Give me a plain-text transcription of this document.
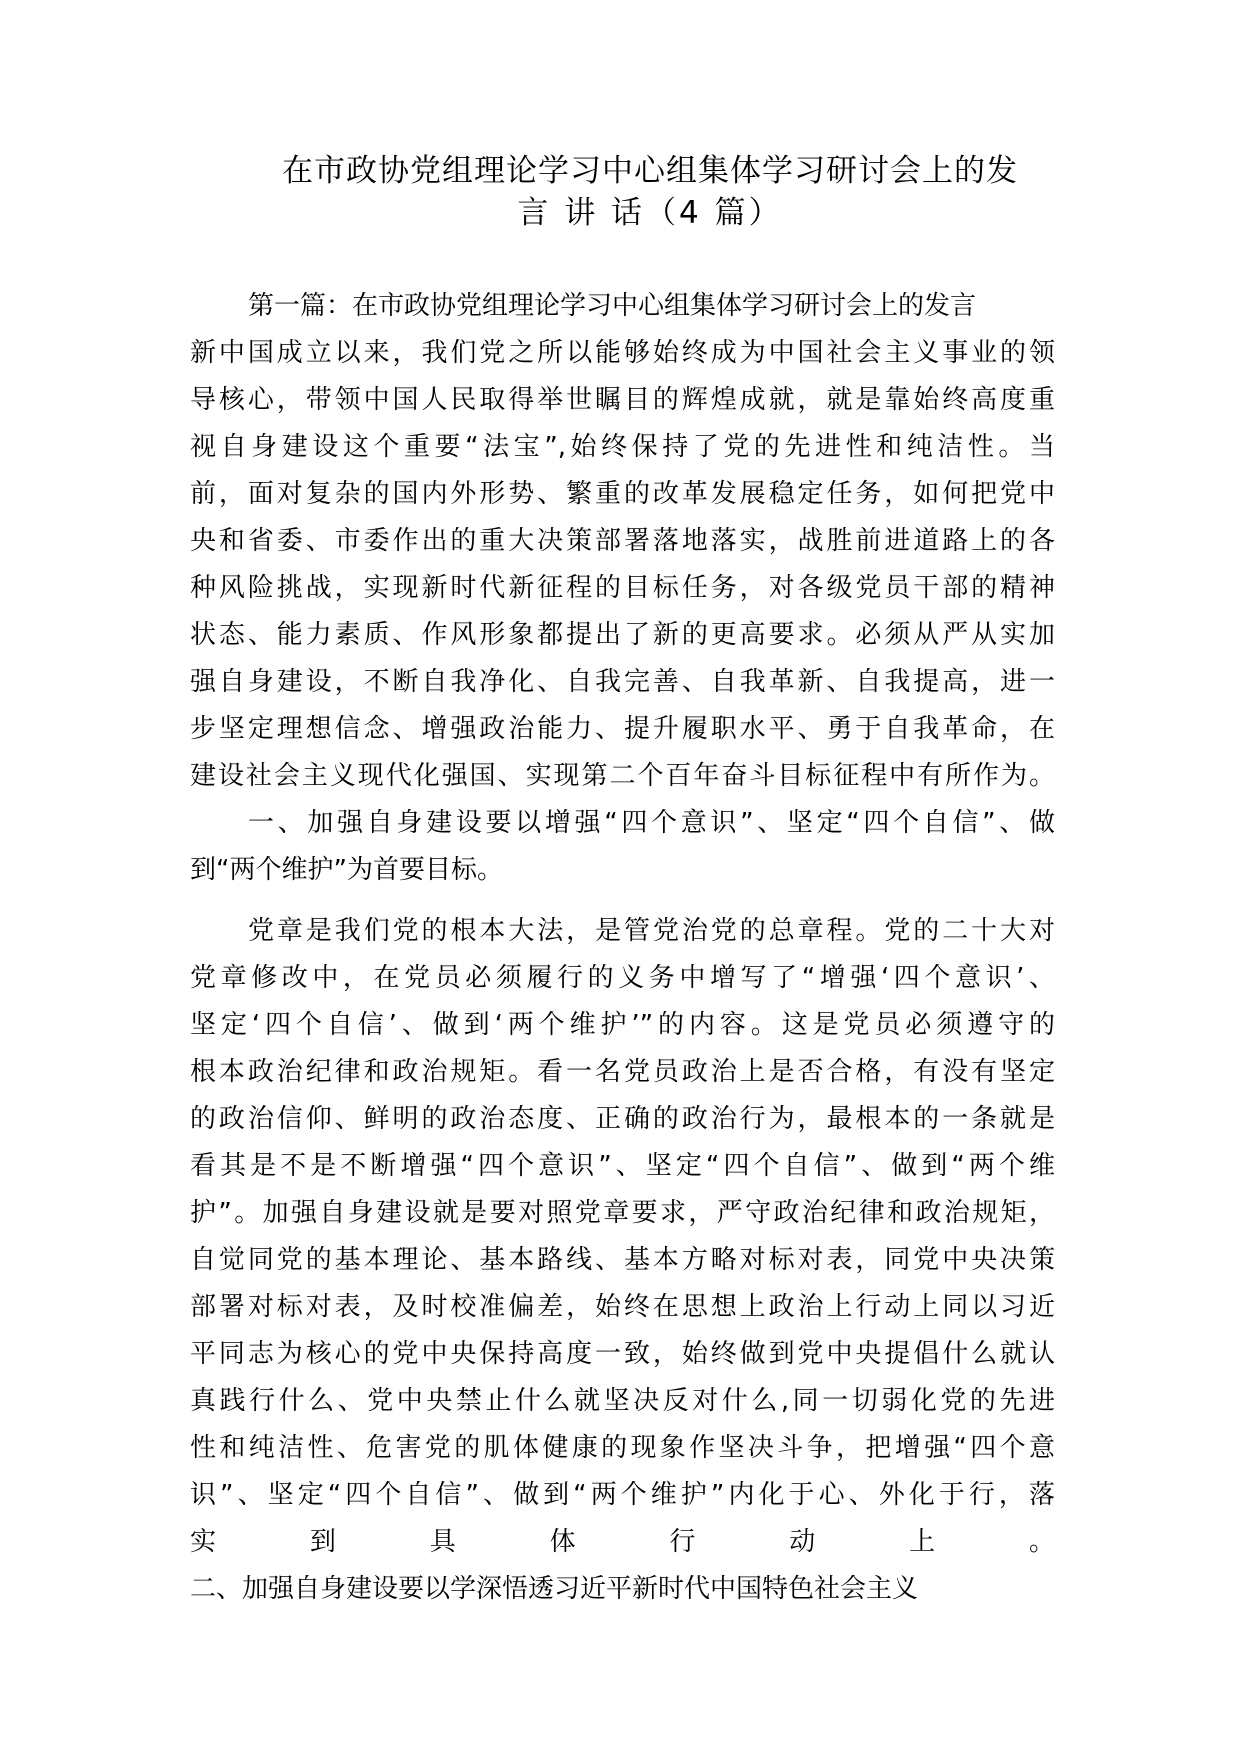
在市政协党组理论学习中心组集体学习研讨会上的发
言 讲 话（4 篇）
第一篇：在市政协党组理论学习中心组集体学习研讨会上的发言
新中国成立以来，我们党之所以能够始终成为中国社会主义事业的领
导核心，带领中国人民取得举世瞩目的辉煌成就，就是靠始终高度重
视自身建设这个重要“法宝”,始终保持了党的先进性和纯洁性。当
前，面对复杂的国内外形势、繁重的改革发展稳定任务，如何把党中
央和省委、市委作出的重大决策部署落地落实，战胜前进道路上的各
种风险挑战，实现新时代新征程的目标任务，对各级党员干部的精神
状态、能力素质、作风形象都提出了新的更高要求。必须从严从实加
强自身建设，不断自我净化、自我完善、自我革新、自我提高，进一
步坚定理想信念、增强政治能力、提升履职水平、勇于自我革命，在
建设社会主义现代化强国、实现第二个百年奋斗目标征程中有所作为。
一、加强自身建设要以增强“四个意识”、坚定“四个自信”、做
到“两个维护”为首要目标。
党章是我们党的根本大法，是管党治党的总章程。党的二十大对
党章修改中，在党员必须履行的义务中增写了“增强‘四个意识’、
坚定‘四个自信’、做到‘两个维护’”的内容。这是党员必须遵守的
根本政治纪律和政治规矩。看一名党员政治上是否合格，有没有坚定
的政治信仰、鲜明的政治态度、正确的政治行为，最根本的一条就是
看其是不是不断增强“四个意识”、坚定“四个自信”、做到“两个维
护”。加强自身建设就是要对照党章要求，严守政治纪律和政治规矩，
自觉同党的基本理论、基本路线、基本方略对标对表，同党中央决策
部署对标对表，及时校准偏差，始终在思想上政治上行动上同以习近
平同志为核心的党中央保持高度一致，始终做到党中央提倡什么就认
真践行什么、党中央禁止什么就坚决反对什么,同一切弱化党的先进
性和纯洁性、危害党的肌体健康的现象作坚决斗争，把增强“四个意
识”、坚定“四个自信”、做到“两个维护”内化于心、外化于行，落
实到具体行动上。
二、加强自身建设要以学深悟透习近平新时代中国特色社会主义
